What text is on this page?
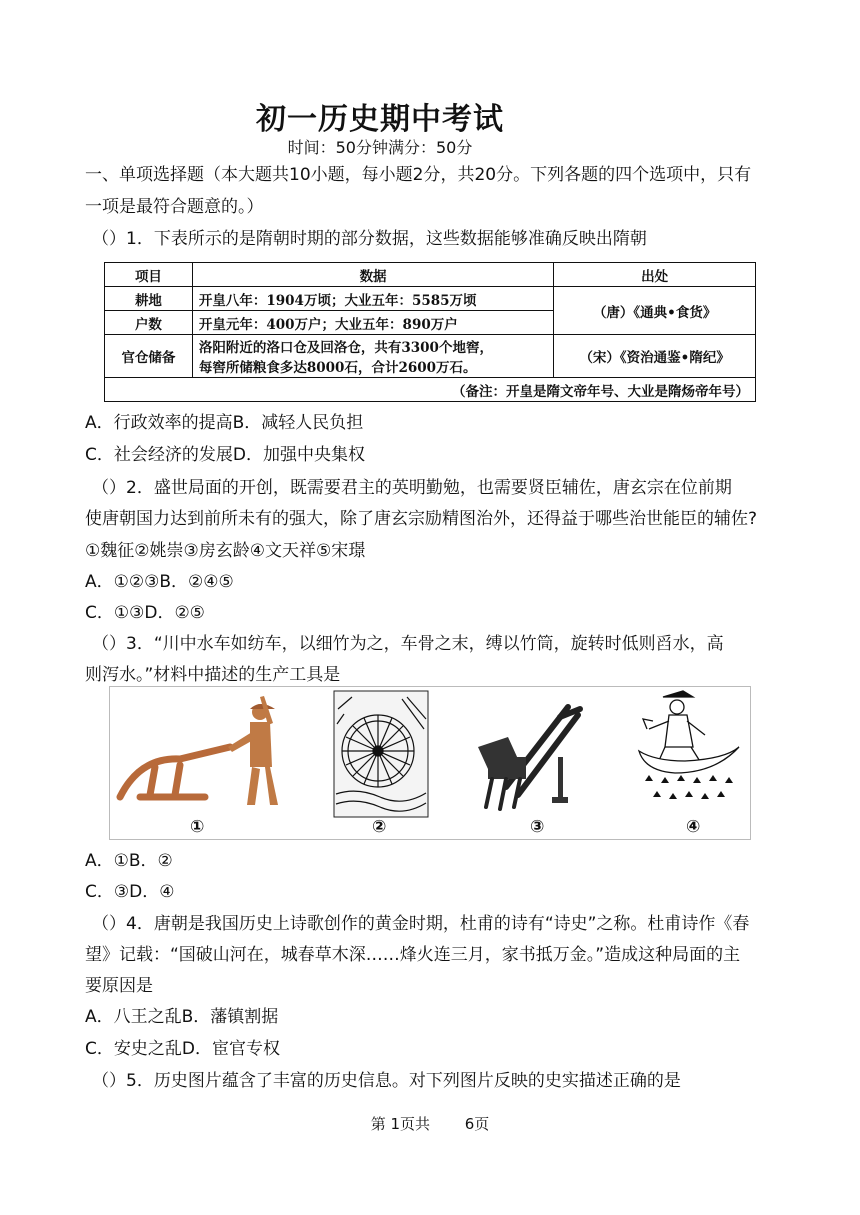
初一历史期中考试
时间：50分钟满分：50分
一、单项选择题（本大题共10小题，每小题2分，共20分。下列各题的四个选项中，只有
一项是最符合题意的。）
（）1．下表所示的是隋朝时期的部分数据，这些数据能够准确反映出隋朝
项目	数据	出处
耕地	开皇八年：1904万顷；大业五年：5585万顷	（唐）《通典•食货》
户数	开皇元年：400万户；大业五年：890万户	
官仓储备	洛阳附近的洛口仓及回洛仓，共有3300个地窖，
每窖所储粮食多达8000石，合计2600万石。	（宋）《资治通鉴•隋纪》
（备注：开皇是隋文帝年号、大业是隋炀帝年号）		
A．行政效率的提高B．减轻人民负担
C．社会经济的发展D．加强中央集权
（）2．盛世局面的开创，既需要君主的英明勤勉，也需要贤臣辅佐，唐玄宗在位前期
使唐朝国力达到前所未有的强大，除了唐玄宗励精图治外，还得益于哪些治世能臣的辅佐?
①魏征②姚崇③房玄龄④文天祥⑤宋璟
A．①②③B．②④⑤
C．①③D．②⑤
（）3．“川中水车如纺车，以细竹为之，车骨之末，缚以竹筒，旋转时低则舀水，高
则泻水。”材料中描述的生产工具是
①	②	③	④
A．①B．②
C．③D．④
（）4．唐朝是我国历史上诗歌创作的黄金时期，杜甫的诗有“诗史”之称。杜甫诗作《春
望》记载：“国破山河在，城春草木深……烽火连三月，家书抵万金。”造成这种局面的主
要原因是
A．八王之乱B．藩镇割据
C．安史之乱D．宦官专权
（）5．历史图片蕴含了丰富的历史信息。对下列图片反映的史实描述正确的是
第 1页共　　 6页
